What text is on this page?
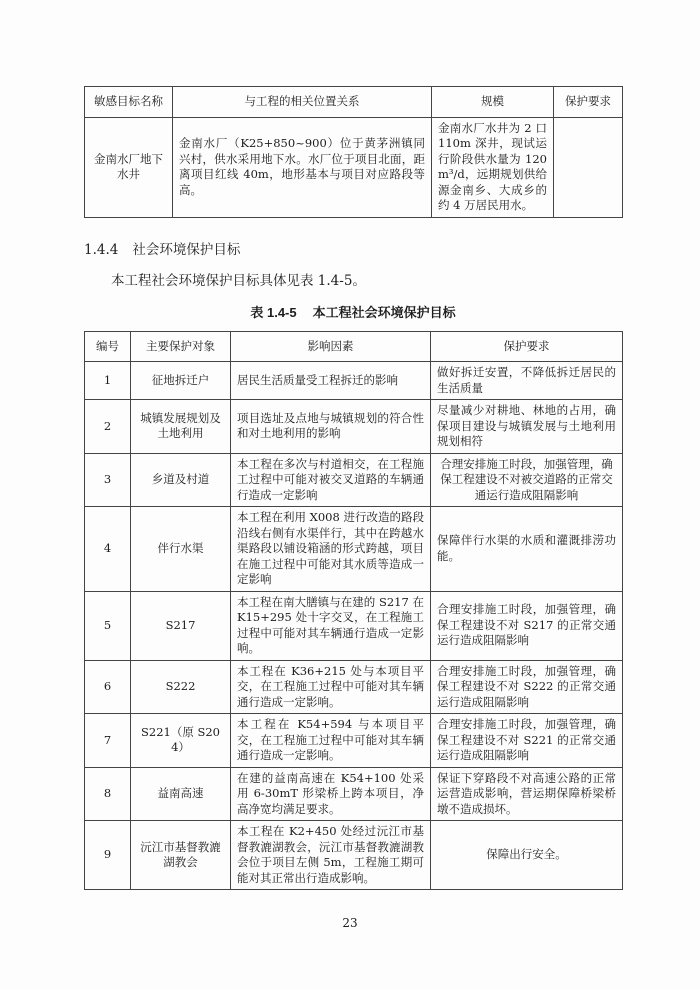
敏感目标名称	与工程的相关位置关系	规模	保护要求
金南水厂地下水井	金南水厂（K25+850~900）位于黄茅洲镇同兴村，供水采用地下水。水厂位于项目北面，距离项目红线 40m，地形基本与项目对应路段等高。	金南水厂水井为 2 口110m 深井，现试运行阶段供水量为 120m³/d，远期规划供给源金南乡、大成乡的约 4 万居民用水。	
1.4.4 社会环境保护目标

本工程社会环境保护目标具体见表 1.4-5。

表 1.4-5 本工程社会环境保护目标
编号	主要保护对象	影响因素	保护要求
1	征地拆迁户	居民生活质量受工程拆迁的影响	做好拆迁安置，不降低拆迁居民的生活质量
2	城镇发展规划及土地利用	项目选址及点地与城镇规划的符合性和对土地利用的影响	尽量减少对耕地、林地的占用，确保项目建设与城镇发展与土地利用规划相符
3	乡道及村道	本工程在多次与村道相交，在工程施工过程中可能对被交叉道路的车辆通行造成一定影响	合理安排施工时段，加强管理，确保工程建设不对被交道路的正常交通运行造成阻隔影响
4	伴行水渠	本工程在利用 X008 进行改造的路段沿线右侧有水渠伴行，其中在跨越水渠路段以铺设箱涵的形式跨越，项目在施工过程中可能对其水质等造成一定影响	保障伴行水渠的水质和灌溉排涝功能。
5	S217	本工程在南大膳镇与在建的 S217 在 K15+295 处十字交叉，在工程施工过程中可能对其车辆通行造成一定影响。	合理安排施工时段，加强管理，确保工程建设不对 S217 的正常交通运行造成阻隔影响
6	S222	本工程在 K36+215 处与本项目平交，在工程施工过程中可能对其车辆通行造成一定影响。	合理安排施工时段，加强管理，确保工程建设不对 S222 的正常交通运行造成阻隔影响
7	S221（原 S204）	本工程在 K54+594 与本项目平交，在工程施工过程中可能对其车辆通行造成一定影响。	合理安排施工时段，加强管理，确保工程建设不对 S221 的正常交通运行造成阻隔影响
8	益南高速	在建的益南高速在 K54+100 处采用 6-30mT 形梁桥上跨本项目，净高净宽均满足要求。	保证下穿路段不对高速公路的正常运营造成影响，营运期保障桥梁桥墩不造成损坏。
9	沅江市基督教漉湖教会	本工程在 K2+450 处经过沅江市基督教漉湖教会，沅江市基督教漉湖教会位于项目左侧 5m，工程施工期可能对其正常出行造成影响。	保障出行安全。
23
